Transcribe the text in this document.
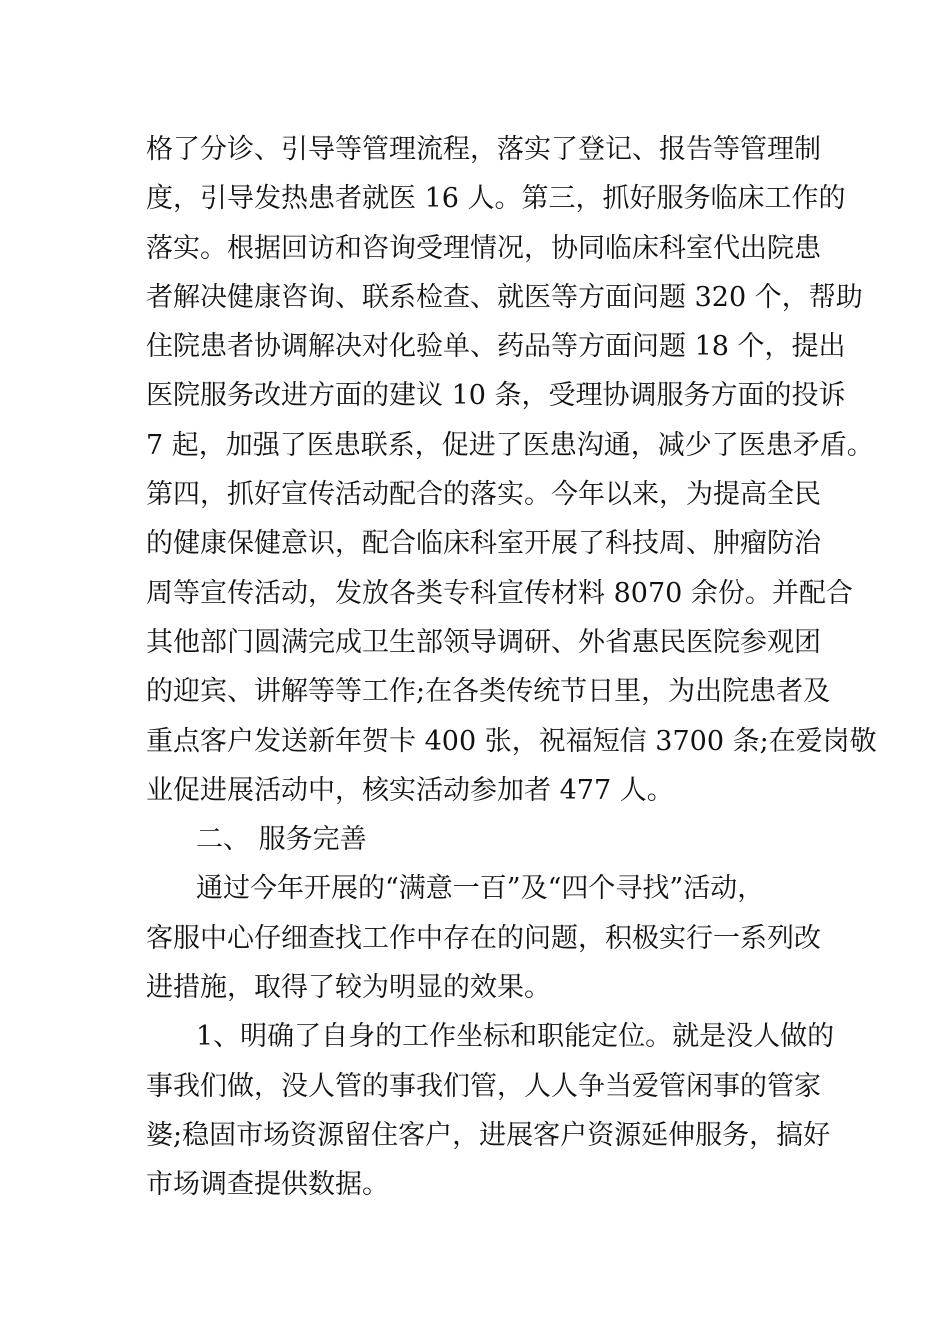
格了分诊、引导等管理流程，落实了登记、报告等管理制
度，引导发热患者就医 16 人。第三，抓好服务临床工作的
落实。根据回访和咨询受理情况，协同临床科室代出院患
者解决健康咨询、联系检查、就医等方面问题 320 个，帮助
住院患者协调解决对化验单、药品等方面问题 18 个，提出
医院服务改进方面的建议 10 条，受理协调服务方面的投诉
7 起，加强了医患联系，促进了医患沟通，减少了医患矛盾。
第四，抓好宣传活动配合的落实。今年以来，为提高全民
的健康保健意识，配合临床科室开展了科技周、肿瘤防治
周等宣传活动，发放各类专科宣传材料 8070 余份。并配合
其他部门圆满完成卫生部领导调研、外省惠民医院参观团
的迎宾、讲解等等工作;在各类传统节日里，为出院患者及
重点客户发送新年贺卡 400 张，祝福短信 3700 条;在爱岗敬
业促进展活动中，核实活动参加者 477 人。
二、 服务完善
通过今年开展的“满意一百”及“四个寻找”活动，
客服中心仔细查找工作中存在的问题，积极实行一系列改
进措施，取得了较为明显的效果。
1、明确了自身的工作坐标和职能定位。就是没人做的
事我们做，没人管的事我们管，人人争当爱管闲事的管家
婆;稳固市场资源留住客户，进展客户资源延伸服务，搞好
市场调查提供数据。
